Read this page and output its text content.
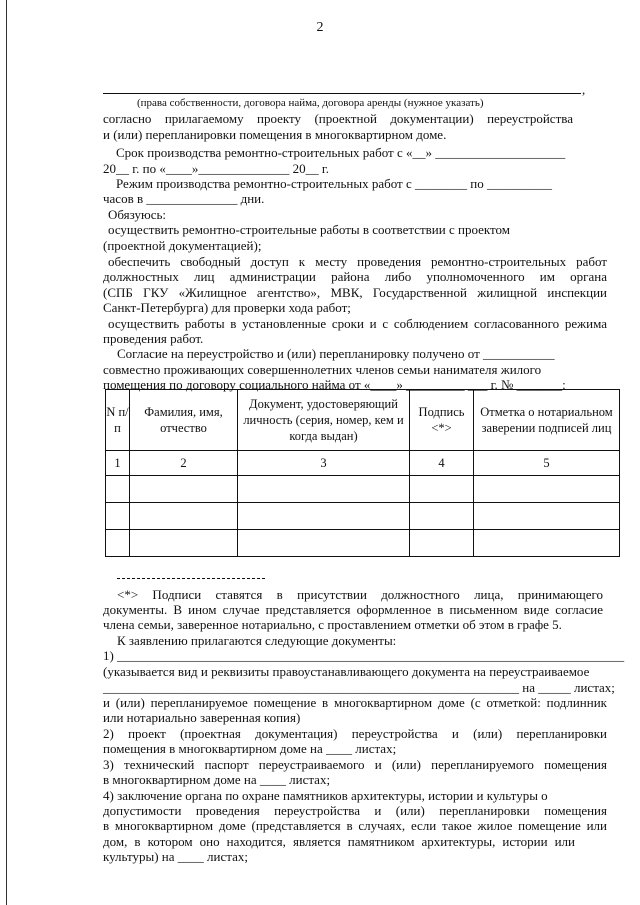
2
,
(права собственности, договора найма, договора аренды (нужное указать)
согласно прилагаемому проекту (проектной документации) переустройства
и (или) перепланировки помещения в многоквартирном доме.
Срок производства ремонтно-строительных работ с «__» ____________________
20__ г. по «____»______________ 20__ г.
Режим производства ремонтно-строительных работ с ________ по __________
часов в ______________ дни.
Обязуюсь:
осуществить ремонтно-строительные работы в соответствии с проектом
(проектной документацией);
обеспечить свободный доступ к месту проведения ремонтно-строительных работ
должностных лиц администрации района либо уполномоченного им органа
(СПБ ГКУ «Жилищное агентство», МВК, Государственной жилищной инспекции
Санкт-Петербурга) для проверки хода работ;
осуществить работы в установленные сроки и с соблюдением согласованного режима
проведения работ.
Согласие на переустройство и (или) перепланировку получено от ___________
совместно проживающих совершеннолетних членов семьи нанимателя жилого
помещения по договору социального найма от «____» _________ ___ г. № _______:
N п/п	Фамилия, имя, отчество	Документ, удостоверяющий личность (серия, номер, кем и когда выдан)	Подпись <*>	Отметка о нотариальном заверении подписей лиц
1	2	3	4	5

<*> Подписи ставятся в присутствии должностного лица, принимающего
документы. В ином случае представляется оформленное в письменном виде согласие
члена семьи, заверенное нотариально, с проставлением отметки об этом в графе 5.
К заявлению прилагаются следующие документы:
1) ______________________________________________________________________________
(указывается вид и реквизиты правоустанавливающего документа на переустраиваемое
________________________________________________________________ на _____ листах;
и (или) перепланируемое помещение в многоквартирном доме (с отметкой: подлинник
или нотариально заверенная копия)
2) проект (проектная документация) переустройства и (или) перепланировки
помещения в многоквартирном доме на ____ листах;
3) технический паспорт переустраиваемого и (или) перепланируемого помещения
в многоквартирном доме на ____ листах;
4) заключение органа по охране памятников архитектуры, истории и культуры о
допустимости проведения переустройства и (или) перепланировки помещения
в многоквартирном доме (представляется в случаях, если такое жилое помещение или
дом, в котором оно находится, является памятником архитектуры, истории или
культуры) на ____ листах;
